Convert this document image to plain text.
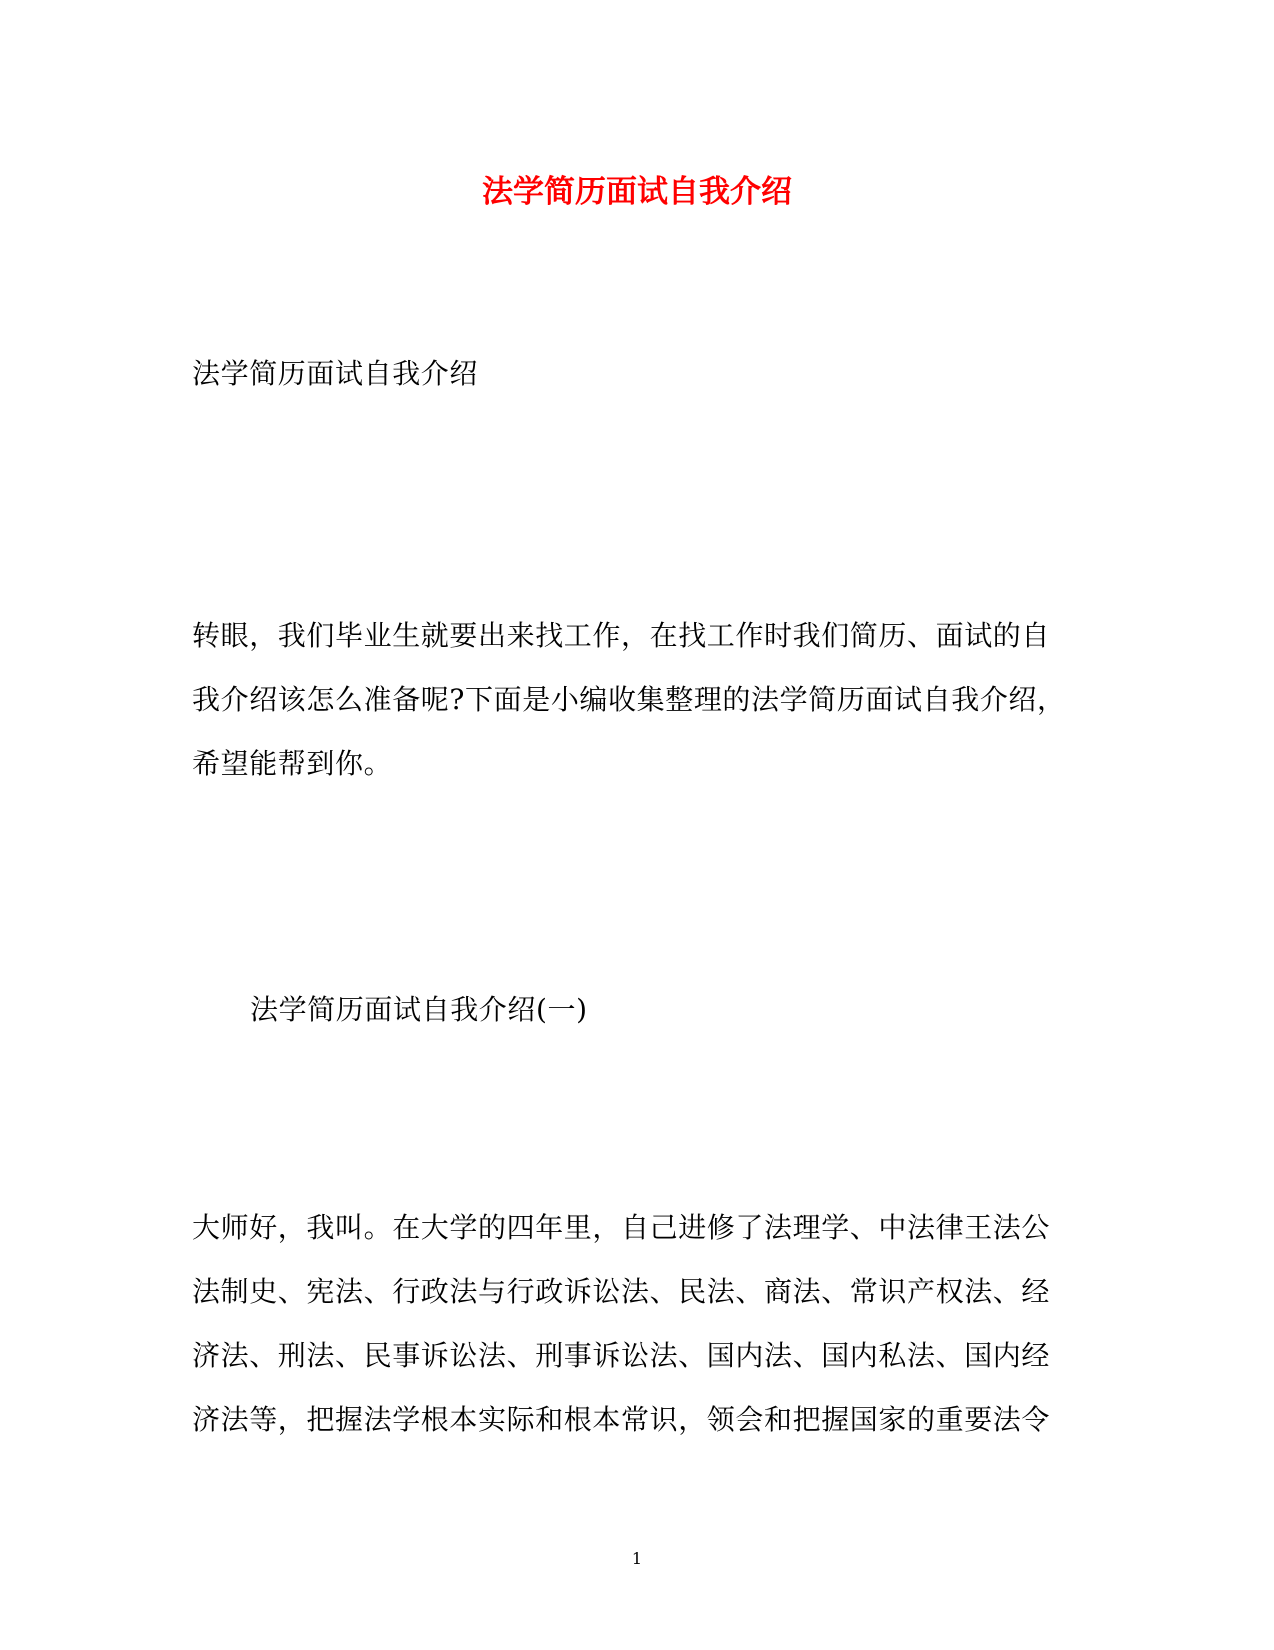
法学简历面试自我介绍

法学简历面试自我介绍

转眼，我们毕业生就要出来找工作，在找工作时我们简历、面试的自

我介绍该怎么准备呢?下面是小编收集整理的法学简历面试自我介绍，

希望能帮到你。

法学简历面试自我介绍(一)

大师好，我叫。在大学的四年里，自己进修了法理学、中法律王法公

法制史、宪法、行政法与行政诉讼法、民法、商法、常识产权法、经

济法、刑法、民事诉讼法、刑事诉讼法、国内法、国内私法、国内经

济法等，把握法学根本实际和根本常识，领会和把握国家的重要法令

1
